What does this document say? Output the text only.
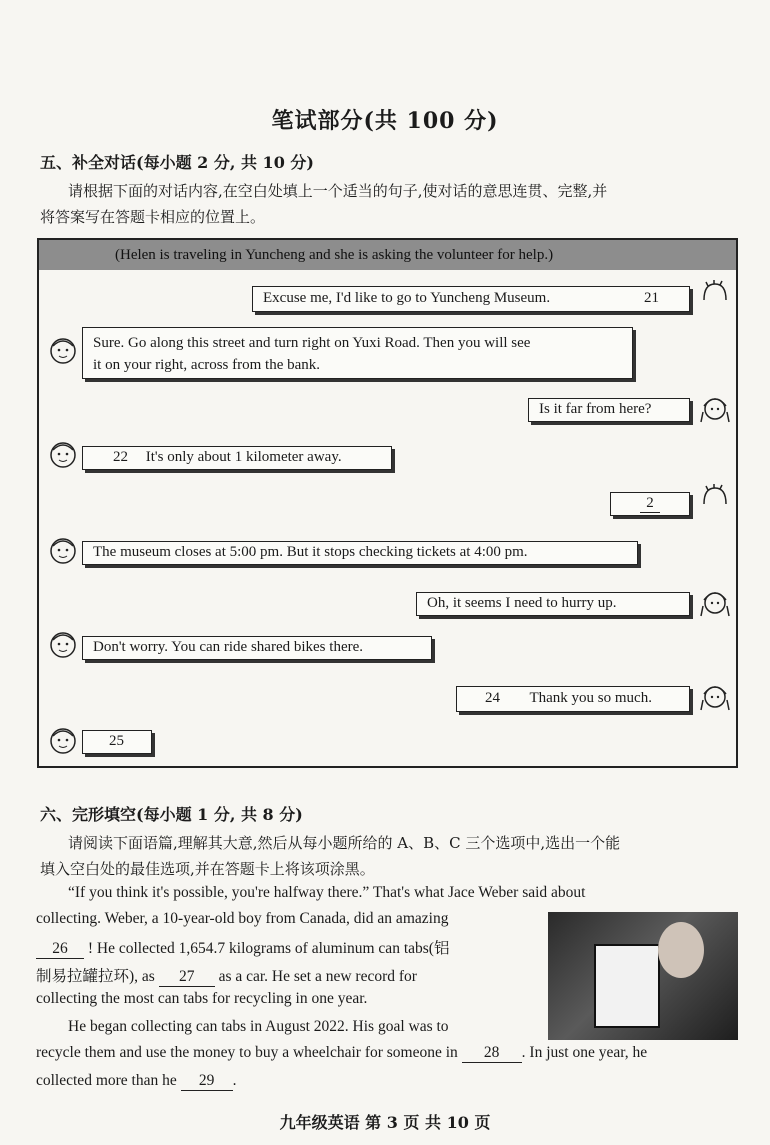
笔试部分(共 100 分)
五、补全对话(每小题 2 分, 共 10 分)
请根据下面的对话内容,在空白处填上一个适当的句子,使对话的意思连贯、完整,并
将答案写在答题卡相应的位置上。
(Helen is traveling in Yuncheng and she is asking the volunteer for help.)
Excuse me, I'd like to go to Yuncheng Museum.	21
Sure. Go along this street and turn right on Yuxi Road. Then you will see
it on your right, across from the bank.
Is it far from here?
22 It's only about 1 kilometer away.
2
The museum closes at 5:00 pm. But it stops checking tickets at 4:00 pm.
Oh, it seems I need to hurry up.
Don't worry. You can ride shared bikes there.
24 Thank you so much.
25
六、完形填空(每小题 1 分, 共 8 分)
请阅读下面语篇,理解其大意,然后从每小题所给的 A、B、C 三个选项中,选出一个能
填入空白处的最佳选项,并在答题卡上将该项涂黑。
“If you think it's possible, you're halfway there.” That's what Jace Weber said about
collecting. Weber, a 10-year-old boy from Canada, did an amazing
26 ! He collected 1,654.7 kilograms of aluminum can tabs(铝
制易拉罐拉环), as 27 as a car. He set a new record for
collecting the most can tabs for recycling in one year.
He began collecting can tabs in August 2022. His goal was to
recycle them and use the money to buy a wheelchair for someone in 28 . In just one year, he
collected more than he 29 .
九年级英语 第 3 页 共 10 页
